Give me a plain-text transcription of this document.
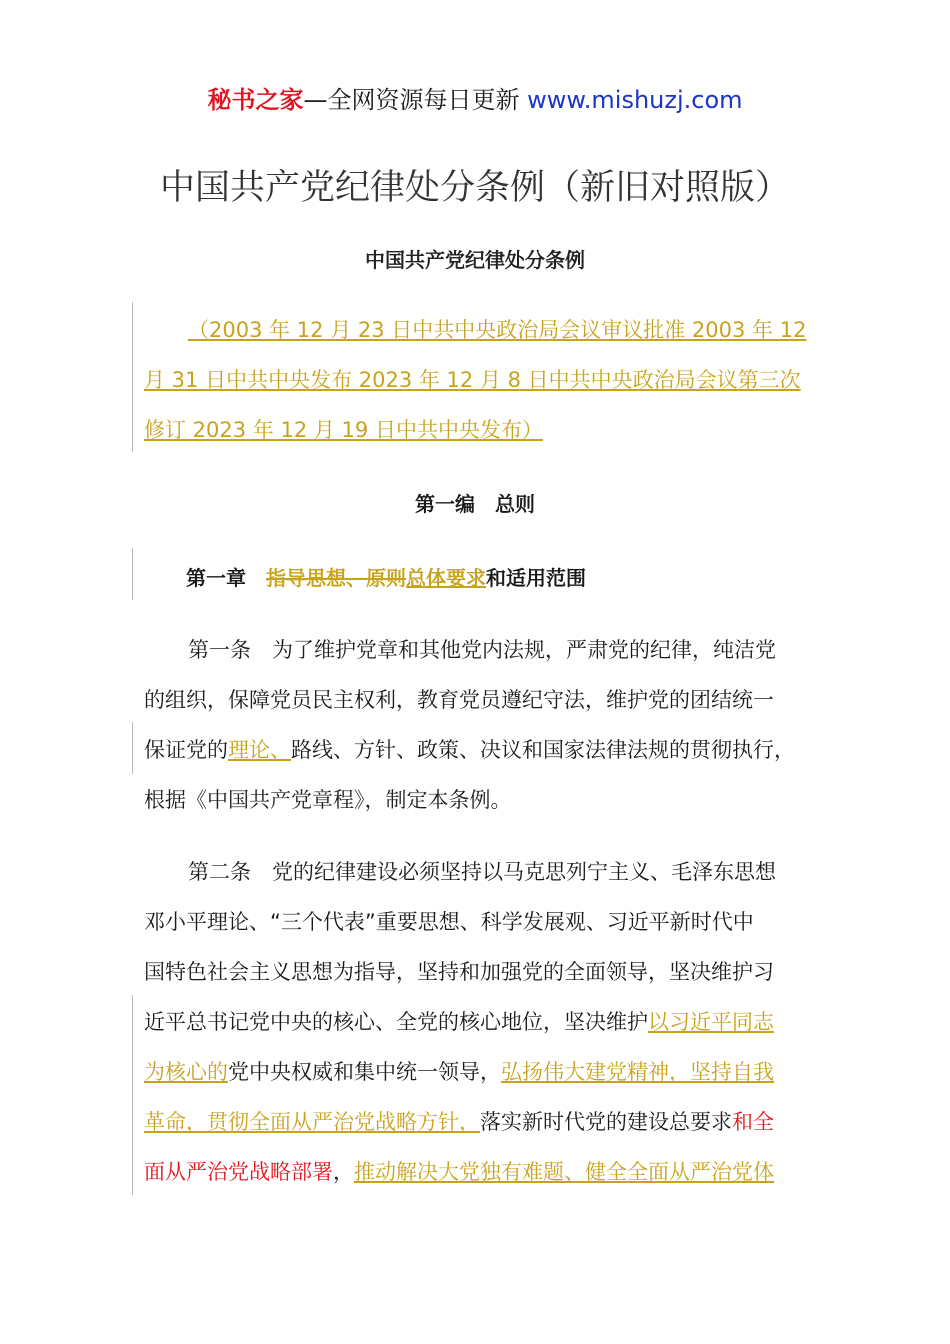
秘书之家—全网资源每日更新 www.mishuzj.com
中国共产党纪律处分条例（新旧对照版）
中国共产党纪律处分条例
（2003 年 12 月 23 日中共中央政治局会议审议批准 2003 年 12
月 31 日中共中央发布 2023 年 12 月 8 日中共中央政治局会议第三次
修订 2023 年 12 月 19 日中共中央发布）
第一编　总则
第一章　指导思想、原则总体要求和适用范围
第一条　为了维护党章和其他党内法规，严肃党的纪律，纯洁党
的组织，保障党员民主权利，教育党员遵纪守法，维护党的团结统一
保证党的理论、路线、方针、政策、决议和国家法律法规的贯彻执行，
根据《中国共产党章程》，制定本条例。
第二条　党的纪律建设必须坚持以马克思列宁主义、毛泽东思想
邓小平理论、“三个代表”重要思想、科学发展观、习近平新时代中
国特色社会主义思想为指导，坚持和加强党的全面领导，坚决维护习
近平总书记党中央的核心、全党的核心地位，坚决维护以习近平同志
为核心的党中央权威和集中统一领导，弘扬伟大建党精神，坚持自我
革命，贯彻全面从严治党战略方针，落实新时代党的建设总要求和全
面从严治党战略部署，推动解决大党独有难题、健全全面从严治党体
